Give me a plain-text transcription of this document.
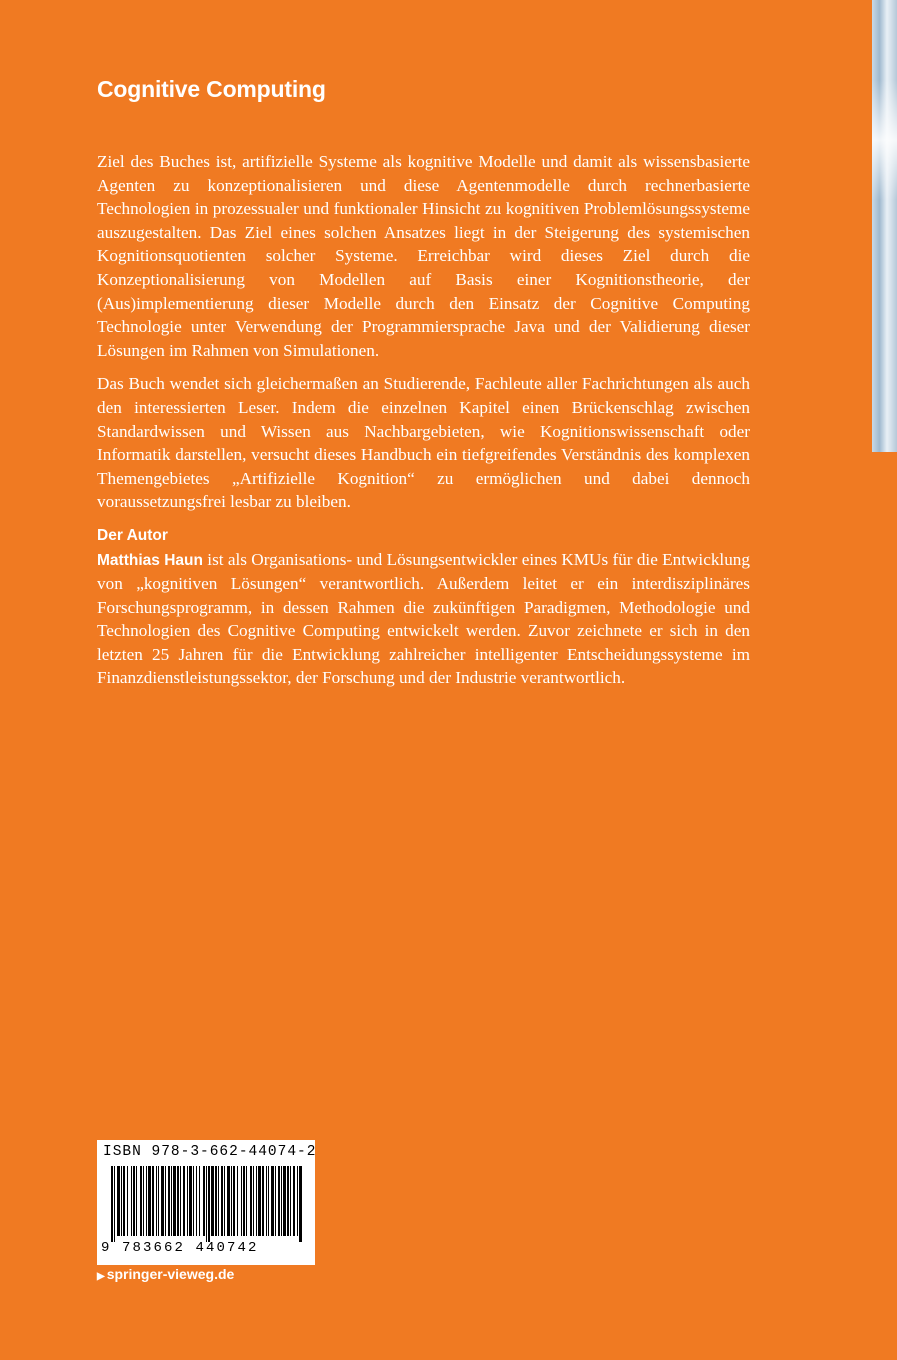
Cognitive Computing

Ziel des Buches ist, artifizielle Systeme als kognitive Modelle und damit als wissensbasierte Agenten zu konzeptionalisieren und diese Agentenmodelle durch rechnerbasierte Technologien in prozessualer und funktionaler Hinsicht zu kognitiven Problemlösungssysteme auszugestalten. Das Ziel eines solchen Ansatzes liegt in der Steigerung des systemischen Kognitionsquotienten solcher Systeme. Erreichbar wird dieses Ziel durch die Konzeptionalisierung von Modellen auf Basis einer Kognitionstheorie, der (Aus)implementierung dieser Modelle durch den Einsatz der Cognitive Computing Technologie unter Verwendung der Programmiersprache Java und der Validierung dieser Lösungen im Rahmen von Simulationen.

Das Buch wendet sich gleichermaßen an Studierende, Fachleute aller Fachrichtungen als auch den interessierten Leser. Indem die einzelnen Kapitel einen Brückenschlag zwischen Standardwissen und Wissen aus Nachbargebieten, wie Kognitionswissenschaft oder Informatik darstellen, versucht dieses Handbuch ein tiefgreifendes Verständnis des komplexen Themengebietes „Artifizielle Kognition“ zu ermöglichen und dabei dennoch voraussetzungsfrei lesbar zu bleiben.

Der Autor

Matthias Haun ist als Organisations- und Lösungsentwickler eines KMUs für die Entwicklung von „kognitiven Lösungen“ verantwortlich. Außerdem leitet er ein interdisziplinäres Forschungsprogramm, in dessen Rahmen die zukünftigen Paradigmen, Methodologie und Technologien des Cognitive Computing entwickelt werden. Zuvor zeichnete er sich in den letzten 25 Jahren für die Entwicklung zahlreicher intelligenter Entscheidungssysteme im Finanzdienstleistungssektor, der Forschung und der Industrie verantwortlich.

ISBN 978-3-662-44074-2
9 783662 440742
▶ springer-vieweg.de
